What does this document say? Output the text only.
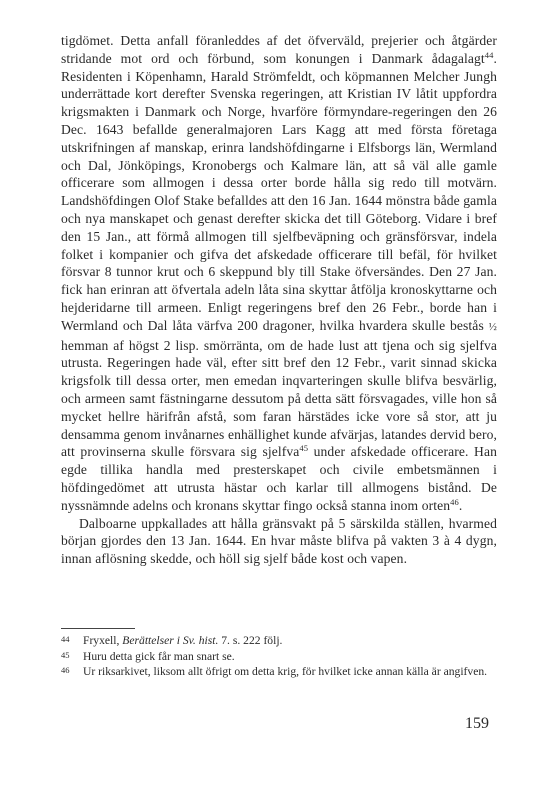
tigdömet. Detta anfall föranleddes af det öfverväld, prejerier och åtgärder stridande mot ord och förbund, som konungen i Danmark ådagalagt$^{44}$. Residenten i Köpenhamn, Harald Strömfeldt, och köpmannen Melcher Jungh underrättade kort derefter Svenska regeringen, att Kristian IV låtit uppfordra krigsmakten i Danmark och Norge, hvarföre förmyndare-regeringen den 26 Dec. 1643 befallde generalmajoren Lars Kagg att med första företaga utskrifningen af manskap, erinra landshöfdingarne i Elfsborgs län, Wermland och Dal, Jönköpings, Kronobergs och Kalmare län, att så väl alle gamle officerare som allmogen i dessa orter borde hålla sig redo till motvärn. Landshöfdingen Olof Stake befalldes att den 16 Jan. 1644 mönstra både gamla och nya manskapet och genast derefter skicka det till Göteborg. Vidare i bref den 15 Jan., att förmå allmogen till sjelfbeväpning och gränsförsvar, indela folket i kompanier och gifva det afskedade officerare till befäl, för hvilket försvar 8 tunnor krut och 6 skeppund bly till Stake öfversändes. Den 27 Jan. fick han erinran att öfvertala adeln låta sina skyttar åtfölja kronoskyttarne och hejderidarne till armeen. Enligt regeringens bref den 26 Febr., borde han i Wermland och Dal låta värfva 200 dragoner, hvilka hvardera skulle bestås ½ hemman af högst 2 lisp. smörränta, om de hade lust att tjena och sig sjelfva utrusta. Regeringen hade väl, efter sitt bref den 12 Febr., varit sinnad skicka krigsfolk till dessa orter, men emedan inqvarteringen skulle blifva besvärlig, och armeen samt fästningarne dessutom på detta sätt försvagades, ville hon så mycket hellre härifrån afstå, som faran härstädes icke vore så stor, att ju densamma genom invånarnes enhällighet kunde afvärjas, latandes dervid bero, att provinserna skulle försvara sig sjelfva$^{45}$ under afskedade officerare. Han egde tillika handla med presterskapet och civile embetsmännen i höfdingedömet att utrusta hästar och karlar till allmogens bistånd. De nyssnämnde adelns och kronans skyttar fingo också stanna inom orten$^{46}$.

Dalboarne uppkallades att hålla gränsvakt på 5 särskilda ställen, hvarmed början gjordes den 13 Jan. 1644. En hvar måste blifva på vakten 3 à 4 dygn, innan aflösning skedde, och höll sig sjelf både kost och vapen.

44	Fryxell, Berättelser i Sv. hist. 7. s. 222 följ.
45	Huru detta gick får man snart se.
46	Ur riksarkivet, liksom allt öfrigt om detta krig, för hvilket icke annan källa är angifven.
159
